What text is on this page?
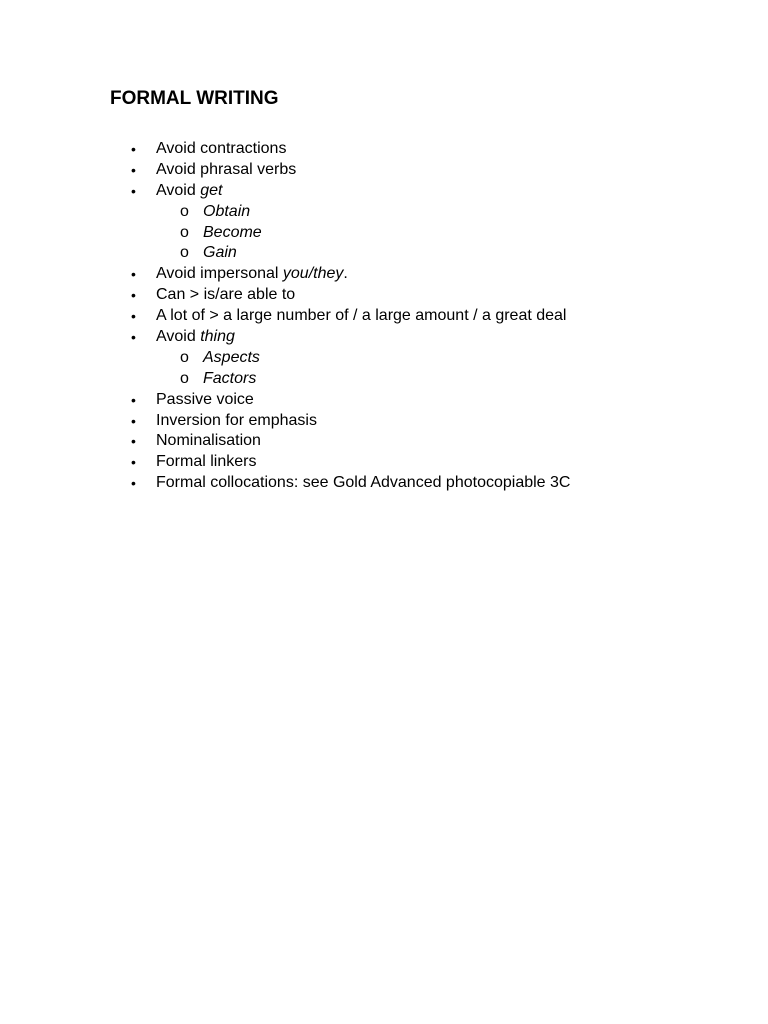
FORMAL WRITING
• Avoid contractions
• Avoid phrasal verbs
• Avoid get
o Obtain
o Become
o Gain
• Avoid impersonal you/they.
• Can > is/are able to
• A lot of > a large number of / a large amount / a great deal
• Avoid thing
o Aspects
o Factors
• Passive voice
• Inversion for emphasis
• Nominalisation
• Formal linkers
• Formal collocations: see Gold Advanced photocopiable 3C
